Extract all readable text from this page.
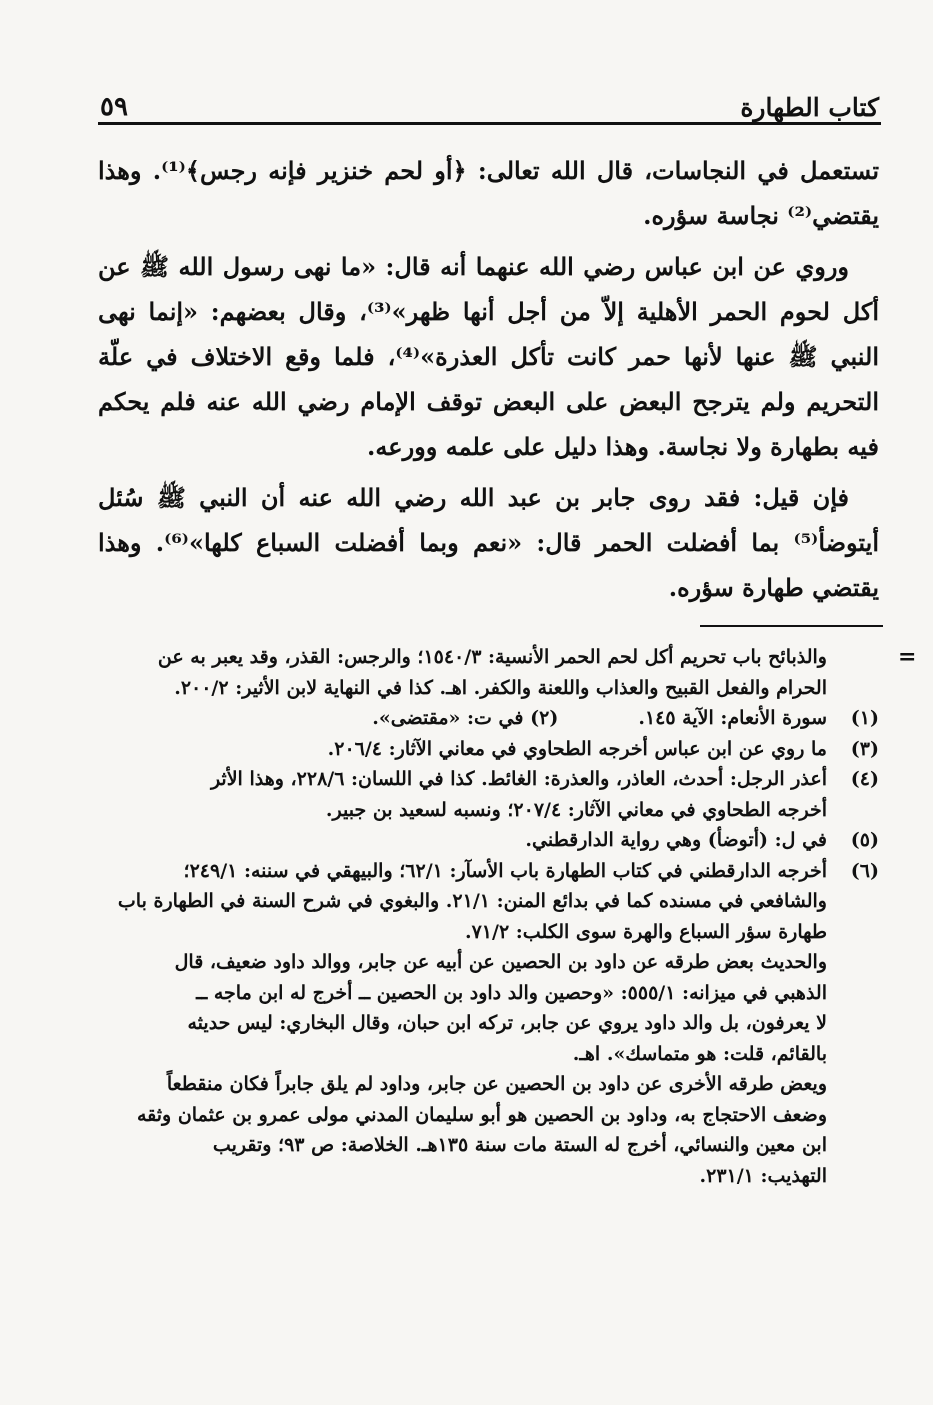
كتاب الطهارة
٥٩

تستعمل في النجاسات، قال الله تعالى: ﴿أو لحم خنزير فإنه رجس﴾⁽¹⁾. وهذا يقتضي⁽²⁾ نجاسة سؤره.

وروي عن ابن عباس رضي الله عنهما أنه قال: «ما نهى رسول الله ﷺ عن أكل لحوم الحمر الأهلية إلاّ من أجل أنها ظهر»⁽³⁾، وقال بعضهم: «إنما نهى النبي ﷺ عنها لأنها حمر كانت تأكل العذرة»⁽⁴⁾، فلما وقع الاختلاف في علّة التحريم ولم يترجح البعض على البعض توقف الإمام رضي الله عنه فلم يحكم فيه بطهارة ولا نجاسة. وهذا دليل على علمه وورعه.

فإن قيل: فقد روى جابر بن عبد الله رضي الله عنه أن النبي ﷺ سُئل أيتوضأ⁽⁵⁾ بما أفضلت الحمر قال: «نعم وبما أفضلت السباع كلها»⁽⁶⁾. وهذا يقتضي طهارة سؤره.

=
والذبائح باب تحريم أكل لحم الحمر الأنسية: ١٥٤٠/٣؛ والرجس: القذر، وقد يعبر به عن
الحرام والفعل القبيح والعذاب واللعنة والكفر. اهـ. كذا في النهاية لابن الأثير: ٢٠٠/٢.
(١)
سورة الأنعام: الآية ١٤٥.
(٢) في ت: «مقتضى».
(٣)
ما روي عن ابن عباس أخرجه الطحاوي في معاني الآثار: ٢٠٦/٤.
(٤)
أعذر الرجل: أحدث، العاذر، والعذرة: الغائط. كذا في اللسان: ٢٢٨/٦، وهذا الأثر
أخرجه الطحاوي في معاني الآثار: ٢٠٧/٤؛ ونسبه لسعيد بن جبير.
(٥)
في ل: (أتوضأ) وهي رواية الدارقطني.
(٦)
أخرجه الدارقطني في كتاب الطهارة باب الأسآر: ٦٢/١؛ والبيهقي في سننه: ٢٤٩/١؛
والشافعي في مسنده كما في بدائع المنن: ٢١/١. والبغوي في شرح السنة في الطهارة باب
طهارة سؤر السباع والهرة سوى الكلب: ٧١/٢.
والحديث بعض طرقه عن داود بن الحصين عن أبيه عن جابر، ووالد داود ضعيف، قال
الذهبي في ميزانه: ٥٥٥/١: «وحصين والد داود بن الحصين ــ أخرج له ابن ماجه ــ
لا يعرفون، بل والد داود يروي عن جابر، تركه ابن حبان، وقال البخاري: ليس حديثه
بالقائم، قلت: هو متماسك». اهـ.
ويعض طرقه الأخرى عن داود بن الحصين عن جابر، وداود لم يلق جابراً فكان منقطعاً
وضعف الاحتجاج به، وداود بن الحصين هو أبو سليمان المدني مولى عمرو بن عثمان وثقه
ابن معين والنسائي، أخرج له الستة مات سنة ١٣٥هـ. الخلاصة: ص ٩٣؛ وتقريب
التهذيب: ٢٣١/١.
